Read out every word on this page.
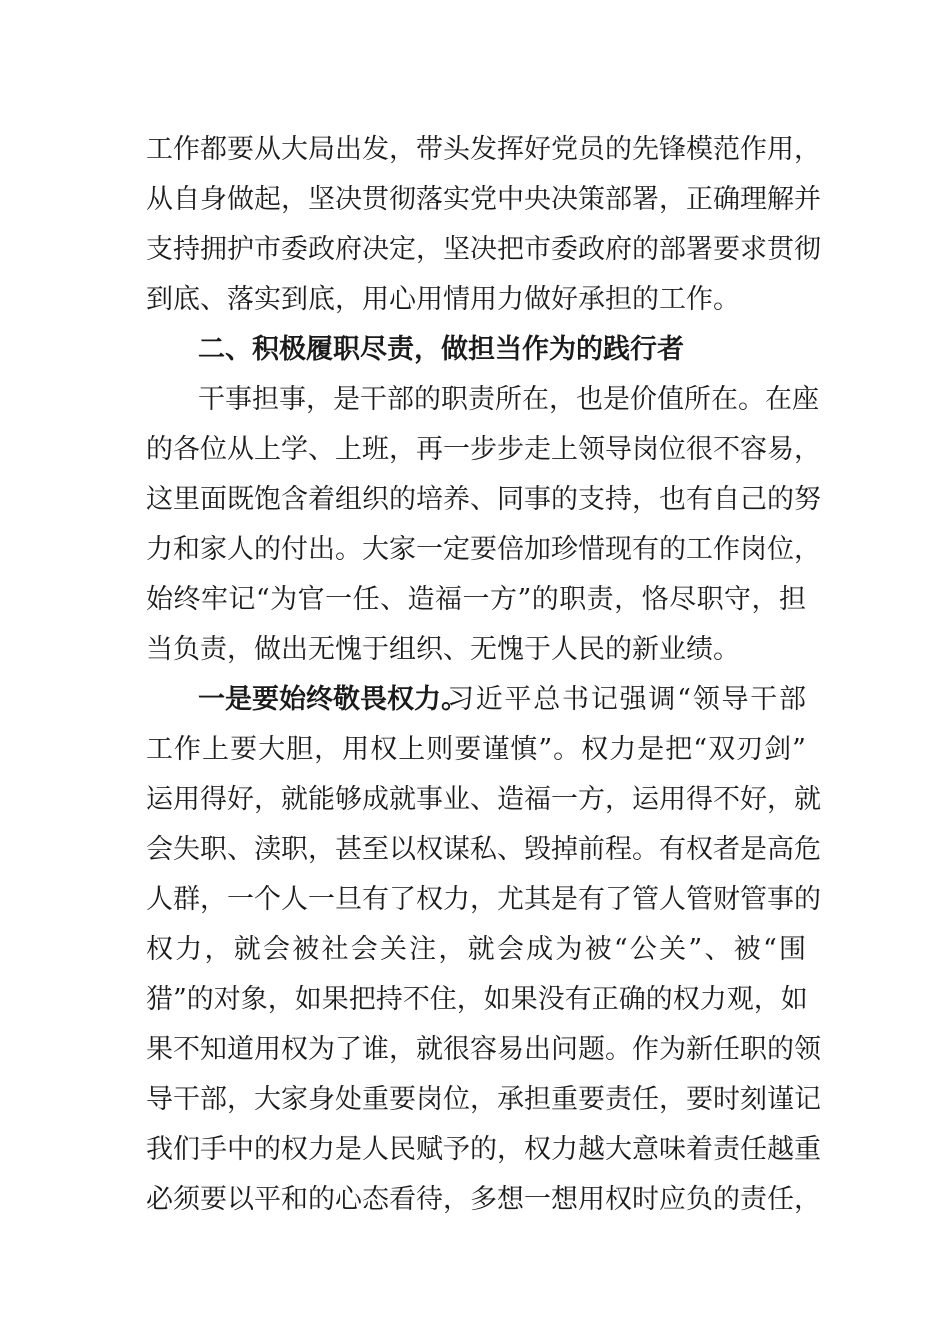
工作都要从大局出发，带头发挥好党员的先锋模范作用，
从自身做起，坚决贯彻落实党中央决策部署，正确理解并
支持拥护市委政府决定，坚决把市委政府的部署要求贯彻
到底、落实到底，用心用情用力做好承担的工作。
二、积极履职尽责，做担当作为的践行者
干事担事，是干部的职责所在，也是价值所在。在座
的各位从上学、上班，再一步步走上领导岗位很不容易，
这里面既饱含着组织的培养、同事的支持，也有自己的努
力和家人的付出。大家一定要倍加珍惜现有的工作岗位，
始终牢记“为官一任、造福一方”的职责，恪尽职守，担
当负责，做出无愧于组织、无愧于人民的新业绩。
一是要始终敬畏权力。
习近平总书记强调“领导干部
工作上要大胆，用权上则要谨慎”。权力是把“双刃剑”
运用得好，就能够成就事业、造福一方，运用得不好，就
会失职、渎职，甚至以权谋私、毁掉前程。有权者是高危
人群，一个人一旦有了权力，尤其是有了管人管财管事的
权力，就会被社会关注，就会成为被“公关”、被“围
猎”的对象，如果把持不住，如果没有正确的权力观，如
果不知道用权为了谁，就很容易出问题。作为新任职的领
导干部，大家身处重要岗位，承担重要责任，要时刻谨记
我们手中的权力是人民赋予的，权力越大意味着责任越重
必须要以平和的心态看待，多想一想用权时应负的责任，
